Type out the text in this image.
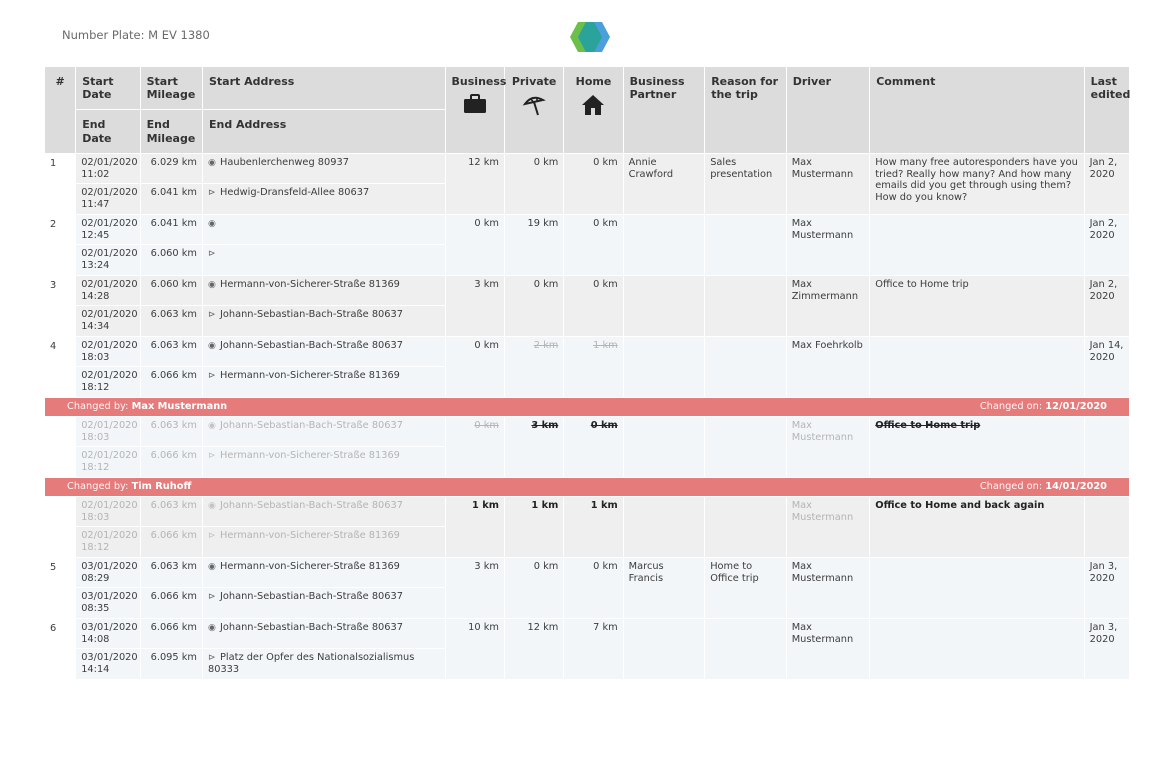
Number Plate: M EV 1380
#	Start Date	Start Mileage	Start Address	Business	Private	Home	Business Partner	Reason for the trip	Driver	Comment	Last edited
	End Date	End Mileage	End Address								
1	02/01/2020 11:02	6.029 km	◉ Haubenlerchenweg 80937	12 km	0 km	0 km	Annie Crawford	Sales presentation	Max Mustermann	How many free autoresponders have you tried? Really how many? And how many emails did you get through using them? How do you know?	Jan 2, 2020
	02/01/2020 11:47	6.041 km	⊳ Hedwig-Dransfeld-Allee 80637								
2	02/01/2020 12:45	6.041 km	◉	0 km	19 km	0 km			Max Mustermann		Jan 2, 2020
	02/01/2020 13:24	6.060 km	⊳								
3	02/01/2020 14:28	6.060 km	◉ Hermann-von-Sicherer-Straße 81369	3 km	0 km	0 km			Max Zimmermann	Office to Home trip	Jan 2, 2020
	02/01/2020 14:34	6.063 km	⊳ Johann-Sebastian-Bach-Straße 80637								
4	02/01/2020 18:03	6.063 km	◉ Johann-Sebastian-Bach-Straße 80637	0 km	2 km	1 km			Max Foehrkolb		Jan 14, 2020
	02/01/2020 18:12	6.066 km	⊳ Hermann-von-Sicherer-Straße 81369								
Changed by: Max Mustermann Changed on: 12/01/2020											

	02/01/2020 18:03	6.063 km	◉ Johann-Sebastian-Bach-Straße 80637	0 km	3 km	0 km			Max Mustermann	Office to Home trip	
	02/01/2020 18:12	6.066 km	⊳ Hermann-von-Sicherer-Straße 81369								
Changed by: Tim Ruhoff Changed on: 14/01/2020											

	02/01/2020 18:03	6.063 km	◉ Johann-Sebastian-Bach-Straße 80637	1 km	1 km	1 km			Max Mustermann	Office to Home and back again	
	02/01/2020 18:12	6.066 km	⊳ Hermann-von-Sicherer-Straße 81369								
5	03/01/2020 08:29	6.063 km	◉ Hermann-von-Sicherer-Straße 81369	3 km	0 km	0 km	Marcus Francis	Home to Office trip	Max Mustermann		Jan 3, 2020
	03/01/2020 08:35	6.066 km	⊳ Johann-Sebastian-Bach-Straße 80637								
6	03/01/2020 14:08	6.066 km	◉ Johann-Sebastian-Bach-Straße 80637	10 km	12 km	7 km			Max Mustermann		Jan 3, 2020
	03/01/2020 14:14	6.095 km	⊳ Platz der Opfer des Nationalsozialismus 80333								
